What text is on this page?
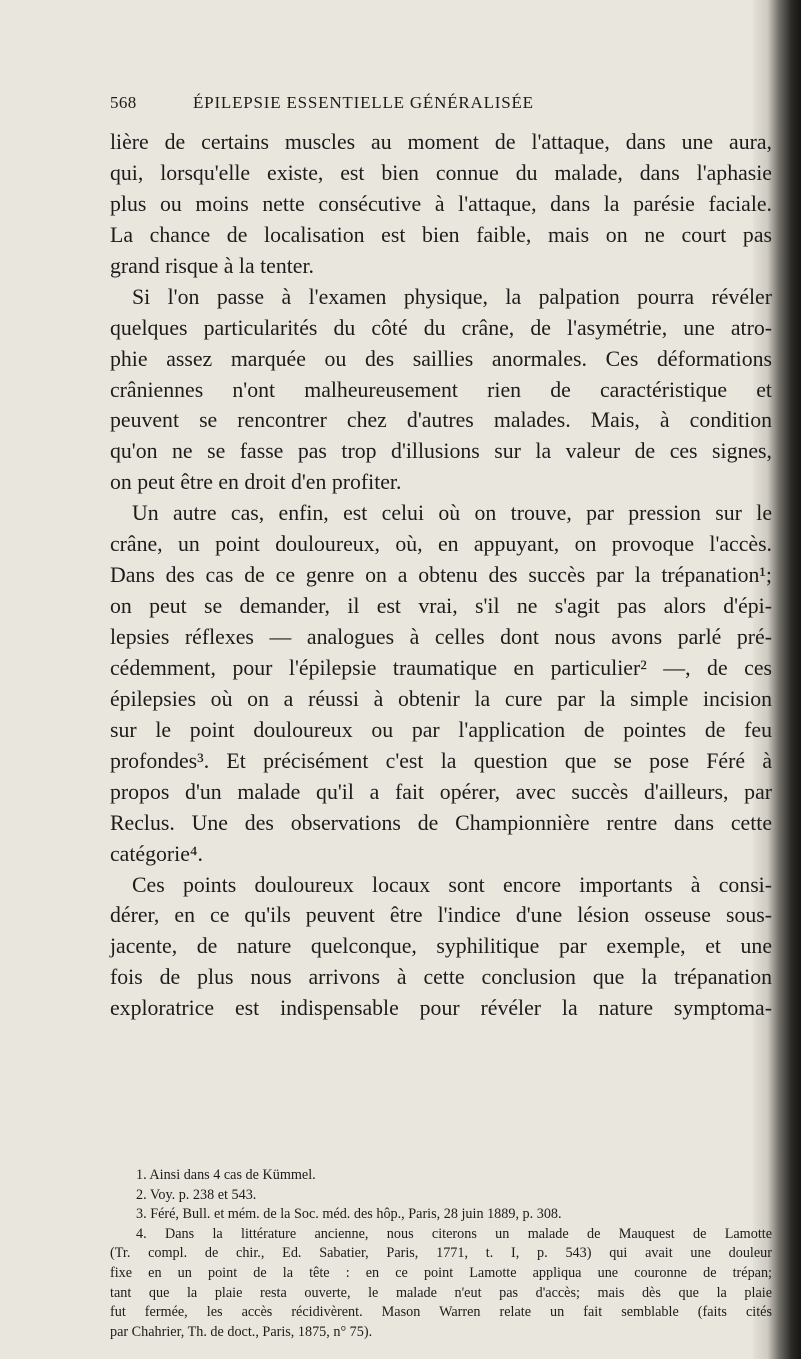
568	ÉPILEPSIE ESSENTIELLE GÉNÉRALISÉE
lière de certains muscles au moment de l'attaque, dans une aura,
qui, lorsqu'elle existe, est bien connue du malade, dans l'aphasie
plus ou moins nette consécutive à l'attaque, dans la parésie faciale.
La chance de localisation est bien faible, mais on ne court pas
grand risque à la tenter.
Si l'on passe à l'examen physique, la palpation pourra révéler
quelques particularités du côté du crâne, de l'asymétrie, une atro-
phie assez marquée ou des saillies anormales. Ces déformations
crâniennes n'ont malheureusement rien de caractéristique et
peuvent se rencontrer chez d'autres malades. Mais, à condition
qu'on ne se fasse pas trop d'illusions sur la valeur de ces signes,
on peut être en droit d'en profiter.
Un autre cas, enfin, est celui où on trouve, par pression sur le
crâne, un point douloureux, où, en appuyant, on provoque l'accès.
Dans des cas de ce genre on a obtenu des succès par la trépanation¹;
on peut se demander, il est vrai, s'il ne s'agit pas alors d'épi-
lepsies réflexes — analogues à celles dont nous avons parlé pré-
cédemment, pour l'épilepsie traumatique en particulier² —, de ces
épilepsies où on a réussi à obtenir la cure par la simple incision
sur le point douloureux ou par l'application de pointes de feu
profondes³. Et précisément c'est la question que se pose Féré à
propos d'un malade qu'il a fait opérer, avec succès d'ailleurs, par
Reclus. Une des observations de Championnière rentre dans cette
catégorie⁴.
Ces points douloureux locaux sont encore importants à consi-
dérer, en ce qu'ils peuvent être l'indice d'une lésion osseuse sous-
jacente, de nature quelconque, syphilitique par exemple, et une
fois de plus nous arrivons à cette conclusion que la trépanation
exploratrice est indispensable pour révéler la nature symptoma-
1. Ainsi dans 4 cas de Kümmel.
2. Voy. p. 238 et 543.
3. Féré, Bull. et mém. de la Soc. méd. des hôp., Paris, 28 juin 1889, p. 308.
4. Dans la littérature ancienne, nous citerons un malade de Mauquest de Lamotte
(Tr. compl. de chir., Ed. Sabatier, Paris, 1771, t. I, p. 543) qui avait une douleur
fixe en un point de la tête : en ce point Lamotte appliqua une couronne de trépan;
tant que la plaie resta ouverte, le malade n'eut pas d'accès; mais dès que la plaie
fut fermée, les accès récidivèrent. Mason Warren relate un fait semblable (faits cités
par Chahrier, Th. de doct., Paris, 1875, n° 75).
